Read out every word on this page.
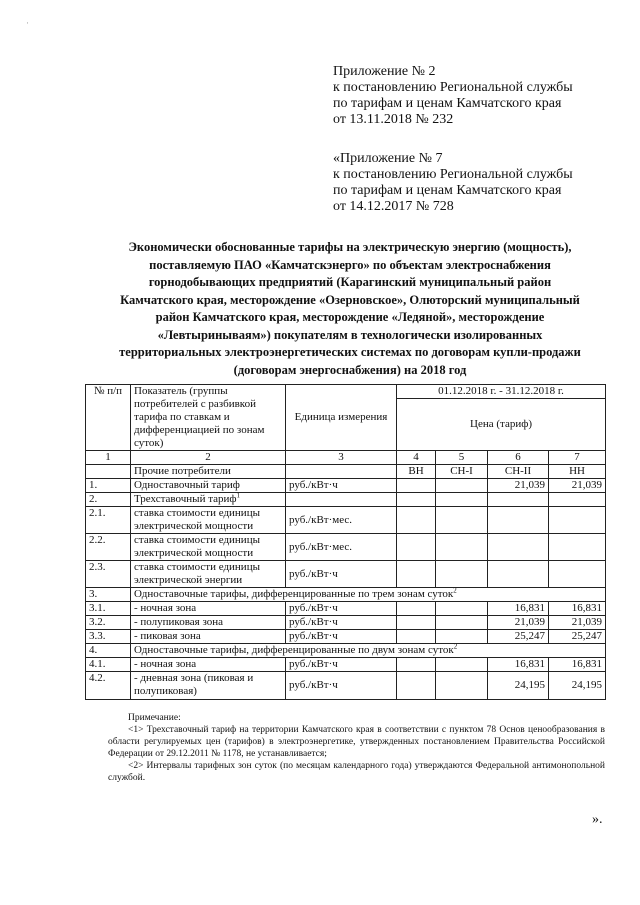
·
Приложение № 2
к постановлению Региональной службы
по тарифам и ценам Камчатского края
от 13.11.2018 № 232
«Приложение № 7
к постановлению Региональной службы
по тарифам и ценам Камчатского края
от 14.12.2017 № 728
Экономически обоснованные тарифы на электрическую энергию (мощность),
поставляемую ПАО «Камчатскэнерго» по объектам электроснабжения
горнодобывающих предприятий (Карагинский муниципальный район
Камчатского края, месторождение «Озерновское», Олюторский муниципальный
район Камчатского края, месторождение «Ледяной», месторождение
«Левтыринываям») покупателям в технологически изолированных
территориальных электроэнергетических системах по договорам купли-продажи
(договорам энергоснабжения) на 2018 год
№ п/п	Показатель (группы потребителей с разбивкой тарифа по ставкам и дифференциацией по зонам суток)	Единица измерения	01.12.2018 г. - 31.12.2018 г.			
			Цена (тариф)			
1	2	3	4	5	6	7
	Прочие потребители		ВН	СН-I	СН-II	НН
1.	Одноставочный тариф	руб./кВт·ч			21,039	21,039
2.	Трехставочный тариф$^1$					
2.1.	ставка стоимости единицы электрической мощности	руб./кВт·мес.				
2.2.	ставка стоимости единицы электрической мощности	руб./кВт·мес.				
2.3.	ставка стоимости единицы электрической энергии	руб./кВт·ч				
3.	Одноставочные тарифы, дифференцированные по трем зонам суток$^2$
3.1.	- ночная зона	руб./кВт·ч			16,831	16,831
3.2.	- полупиковая зона	руб./кВт·ч			21,039	21,039
3.3.	- пиковая зона	руб./кВт·ч			25,247	25,247
4.	Одноставочные тарифы, дифференцированные по двум зонам суток$^2$
4.1.	- ночная зона	руб./кВт·ч			16,831	16,831
4.2.	- дневная зона (пиковая и полупиковая)	руб./кВт·ч			24,195	24,195
Примечание:

<1> Трехставочный тариф на территории Камчатского края в соответствии с пунктом 78 Основ ценообразования в области регулируемых цен (тарифов) в электроэнергетике, утвержденных постановлением Правительства Российской Федерации от 29.12.2011 № 1178, не устанавливается;

<2> Интервалы тарифных зон суток (по месяцам календарного года) утверждаются Федеральной антимонопольной службой.

».
